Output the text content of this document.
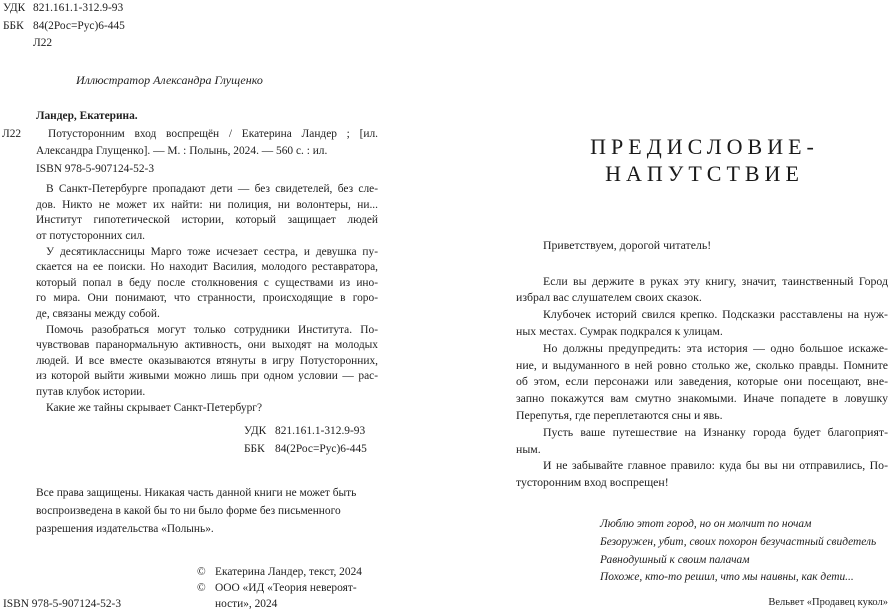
УДК 821.161.1-312.9-93
ББК 84(2Рос=Рус)6-445
Л22
Иллюстратор Александра Глущенко
Ландер, Екатерина.
Л22 Потусторонним вход воспрещён / Екатерина Ландер ; [ил.
Александра Глущенко]. — М. : Полынь, 2024. — 560 с. : ил.
ISBN 978-5-907124-52-3
В Санкт-Петербурге пропадают дети — без свидетелей, без сле-
дов. Никто не может их найти: ни полиция, ни волонтеры, ни...
Институт гипотетической истории, который защищает людей
от потусторонних сил.
У десятиклассницы Марго тоже исчезает сестра, и девушка пу-
скается на ее поиски. Но находит Василия, молодого реставратора,
который попал в беду после столкновения с существами из ино-
го мира. Они понимают, что странности, происходящие в горо-
де, связаны между собой.
Помочь разобраться могут только сотрудники Института. По-
чувствовав паранормальную активность, они выходят на молодых
людей. И все вместе оказываются втянуты в игру Потусторонних,
из которой выйти живыми можно лишь при одном условии — рас-
путав клубок истории.
Какие же тайны скрывает Санкт-Петербург?
УДК 821.161.1-312.9-93
ББК 84(2Рос=Рус)6-445
Все права защищены. Никакая часть данной книги не может быть
воспроизведена в какой бы то ни было форме без письменного
разрешения издательства «Полынь».
© Екатерина Ландер, текст, 2024
© ООО «ИД «Теория невероят-
ности», 2024
ISBN 978-5-907124-52-3
ПРЕДИСЛОВИЕ-
НАПУТСТВИЕ
Приветствуем, дорогой читатель!
Если вы держите в руках эту книгу, значит, таинственный Город
избрал вас слушателем своих сказок.
Клубочек историй свился крепко. Подсказки расставлены на нуж-
ных местах. Сумрак подкрался к улицам.
Но должны предупредить: эта история — одно большое искаже-
ние, и выдуманного в ней ровно столько же, сколько правды. Помните
об этом, если персонажи или заведения, которые они посещают, вне-
запно покажутся вам смутно знакомыми. Иначе попадете в ловушку
Перепутья, где переплетаются сны и явь.
Пусть ваше путешествие на Изнанку города будет благоприят-
ным.
И не забывайте главное правило: куда бы вы ни отправились, По-
тусторонним вход воспрещен!
Люблю этот город, но он молчит по ночам
Безоружен, убит, своих похорон безучастный свидетель
Равнодушный к своим палачам
Похоже, кто-то решил, что мы наивны, как дети...
Вельвет «Продавец кукол»
